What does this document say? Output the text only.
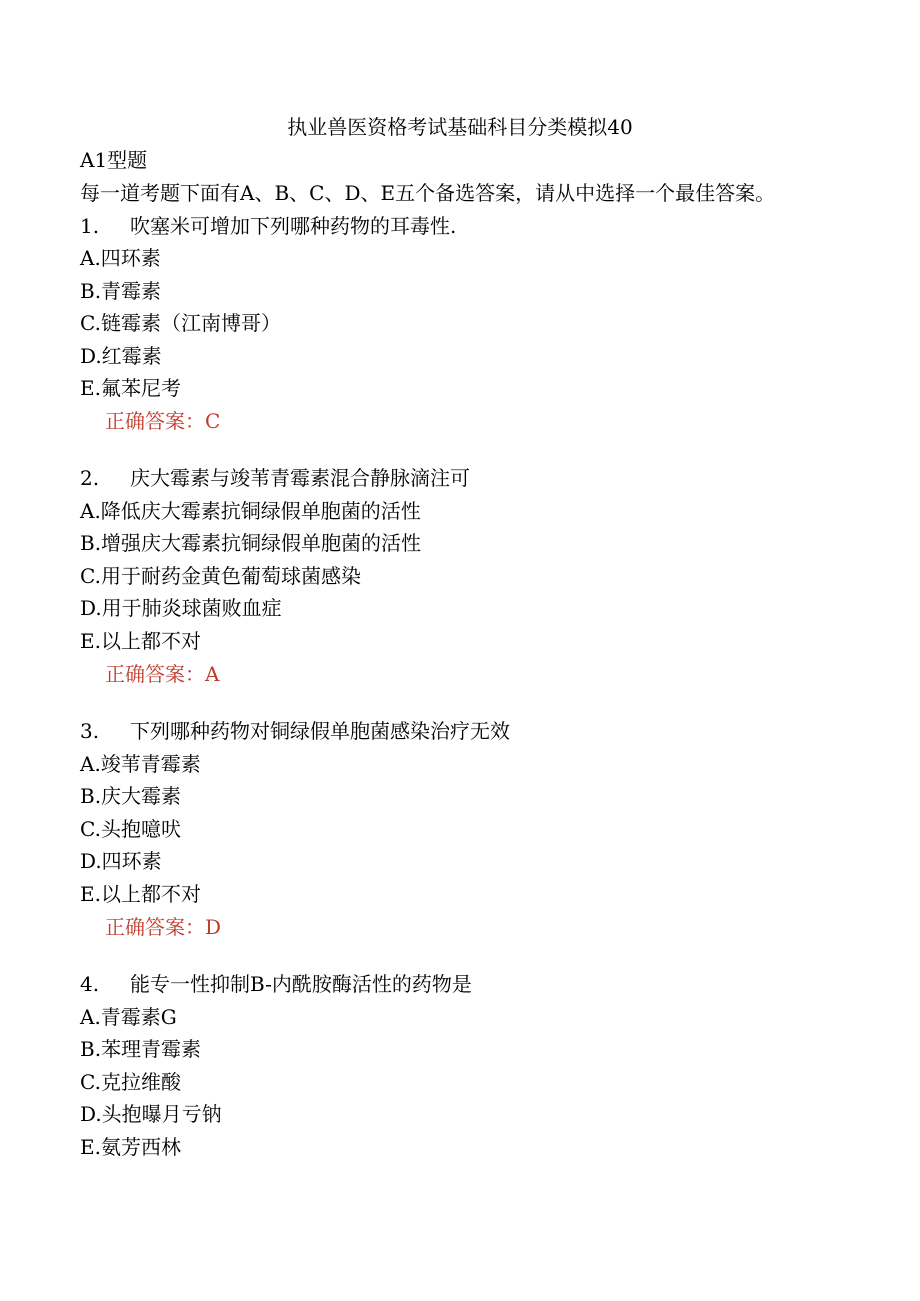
执业兽医资格考试基础科目分类模拟40
A1型题
每一道考题下面有A、B、C、D、E五个备选答案，请从中选择一个最佳答案。
1. 吹塞米可增加下列哪种药物的耳毒性.
A.四环素
B.青霉素
C.链霉素（江南博哥）
D.红霉素
E.氟苯尼考
正确答案：C
2. 庆大霉素与竣苇青霉素混合静脉滴注可
A.降低庆大霉素抗铜绿假单胞菌的活性
B.增强庆大霉素抗铜绿假单胞菌的活性
C.用于耐药金黄色葡萄球菌感染
D.用于肺炎球菌败血症
E.以上都不对
正确答案：A
3. 下列哪种药物对铜绿假单胞菌感染治疗无效
A.竣苇青霉素
B.庆大霉素
C.头抱噫吠
D.四环素
E.以上都不对
正确答案：D
4. 能专一性抑制B-内酰胺酶活性的药物是
A.青霉素G
B.苯理青霉素
C.克拉维酸
D.头抱曝月亏钠
E.氨芳西林
